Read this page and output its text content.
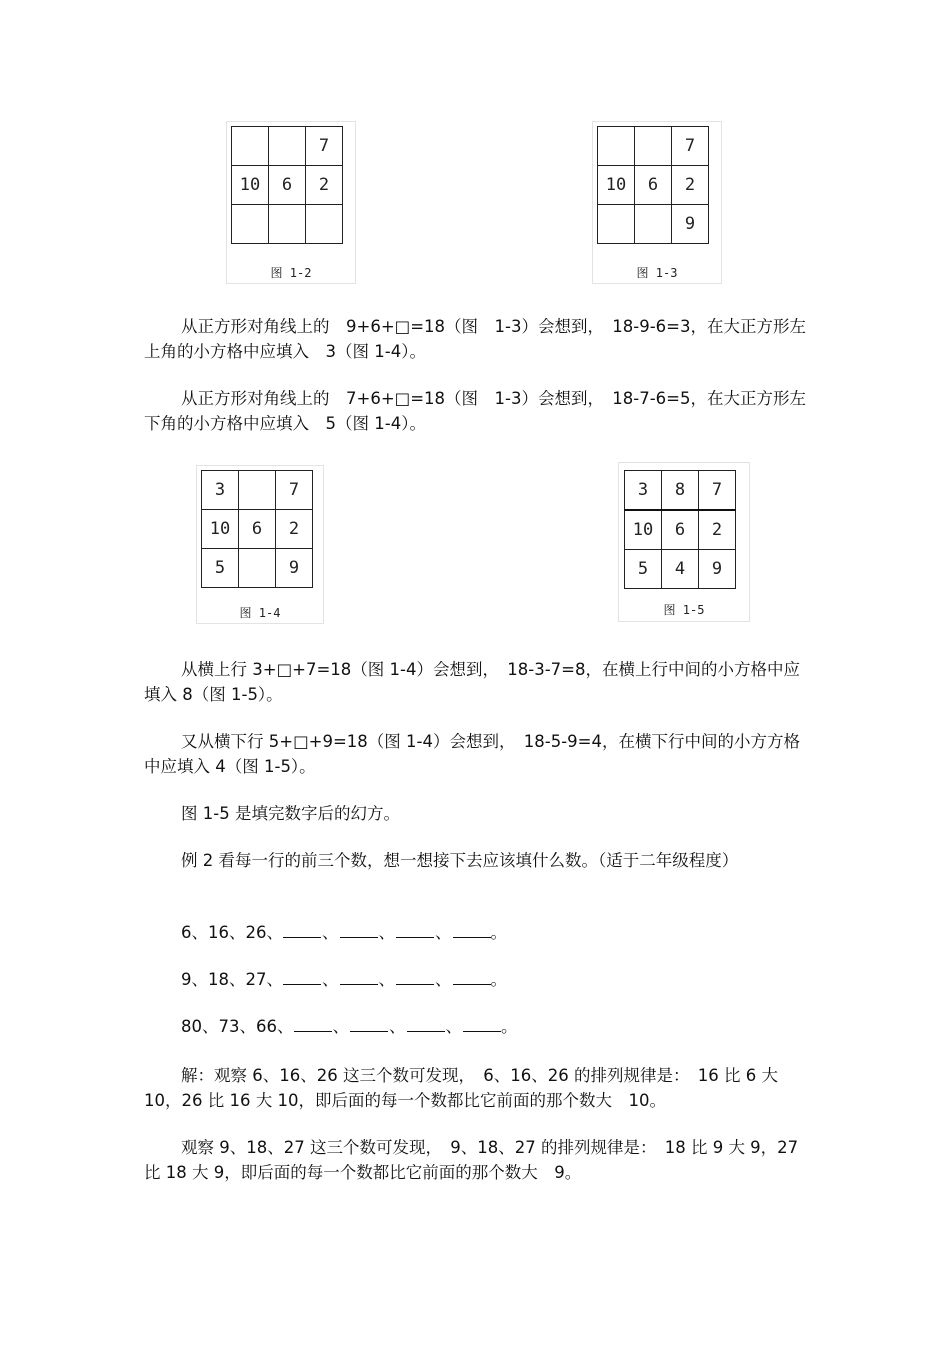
		7
10	6	2

图 1-2
		7
10	6	2
		9
图 1-3

从正方形对角线上的　9+6+□=18（图　1-3）会想到，　18-9-6=3，在大正方形左上角的小方格中应填入　3（图 1-4）。

从正方形对角线上的　7+6+□=18（图　1-3）会想到，　18-7-6=5，在大正方形左下角的小方格中应填入　5（图 1-4）。

3		7
10	6	2
5		9
图 1-4
3	8	7
10	6	2
5	4	9
图 1-5

从横上行 3+□+7=18（图 1-4）会想到，　18-3-7=8，在横上行中间的小方格中应填入 8（图 1-5）。

又从横下行 5+□+9=18（图 1-4）会想到，　18-5-9=4，在横下行中间的小方方格中应填入 4（图 1-5）。

图 1-5 是填完数字后的幻方。

例 2 看每一行的前三个数，想一想接下去应该填什么数。（适于二年级程度）

6、16、26、 、 、 、 。
9、18、27、 、 、 、 。
80、73、66、 、 、 、 。

解：观察 6、16、26 这三个数可发现，　6、16、26 的排列规律是：　16 比 6 大 10，26 比 16 大 10，即后面的每一个数都比它前面的那个数大　10。

观察 9、18、27 这三个数可发现，　9、18、27 的排列规律是：　18 比 9 大 9，27 比 18 大 9，即后面的每一个数都比它前面的那个数大　9。
